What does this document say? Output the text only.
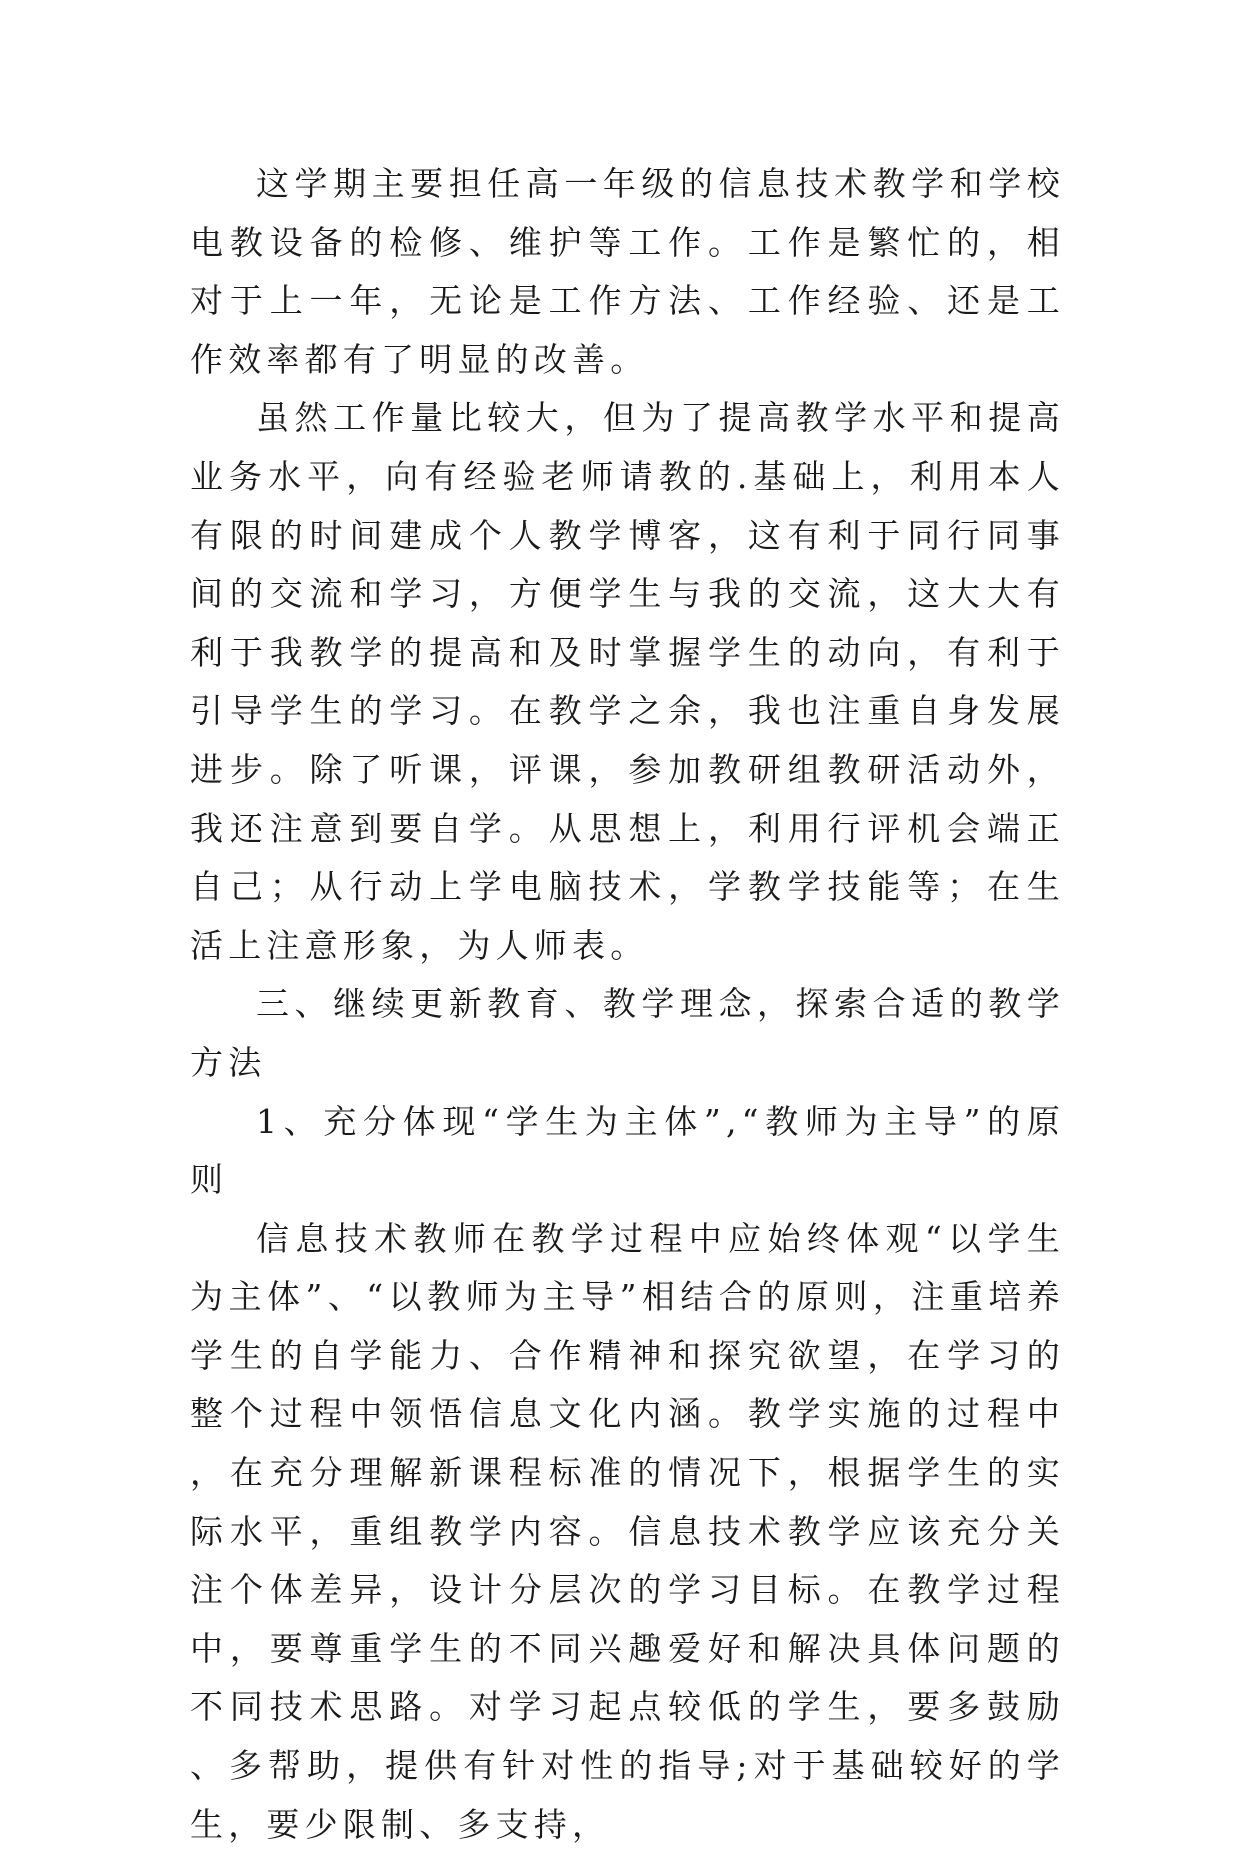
这学期主要担任高一年级的信息技术教学和学校电教设备的检修、维护等工作。工作是繁忙的，相对于上一年，无论是工作方法、工作经验、还是工作效率都有了明显的改善。

虽然工作量比较大，但为了提高教学水平和提高业务水平，向有经验老师请教的.基础上，利用本人有限的时间建成个人教学博客，这有利于同行同事间的交流和学习，方便学生与我的交流，这大大有利于我教学的提高和及时掌握学生的动向，有利于引导学生的学习。在教学之余，我也注重自身发展进步。除了听课，评课，参加教研组教研活动外，我还注意到要自学。从思想上，利用行评机会端正自己；从行动上学电脑技术，学教学技能等；在生活上注意形象，为人师表。

三、继续更新教育、教学理念，探索合适的教学方法

1、充分体现“学生为主体”,“教师为主导”的原则

信息技术教师在教学过程中应始终体观“以学生为主体”、“以教师为主导”相结合的原则，注重培养学生的自学能力、合作精神和探究欲望，在学习的整个过程中领悟信息文化内涵。教学实施的过程中，在充分理解新课程标准的情况下，根据学生的实际水平，重组教学内容。信息技术教学应该充分关注个体差异，设计分层次的学习目标。在教学过程中，要尊重学生的不同兴趣爱好和解决具体问题的不同技术思路。对学习起点较低的学生，要多鼓励、多帮助，提供有针对性的指导;对于基础较好的学生，要少限制、多支持，
